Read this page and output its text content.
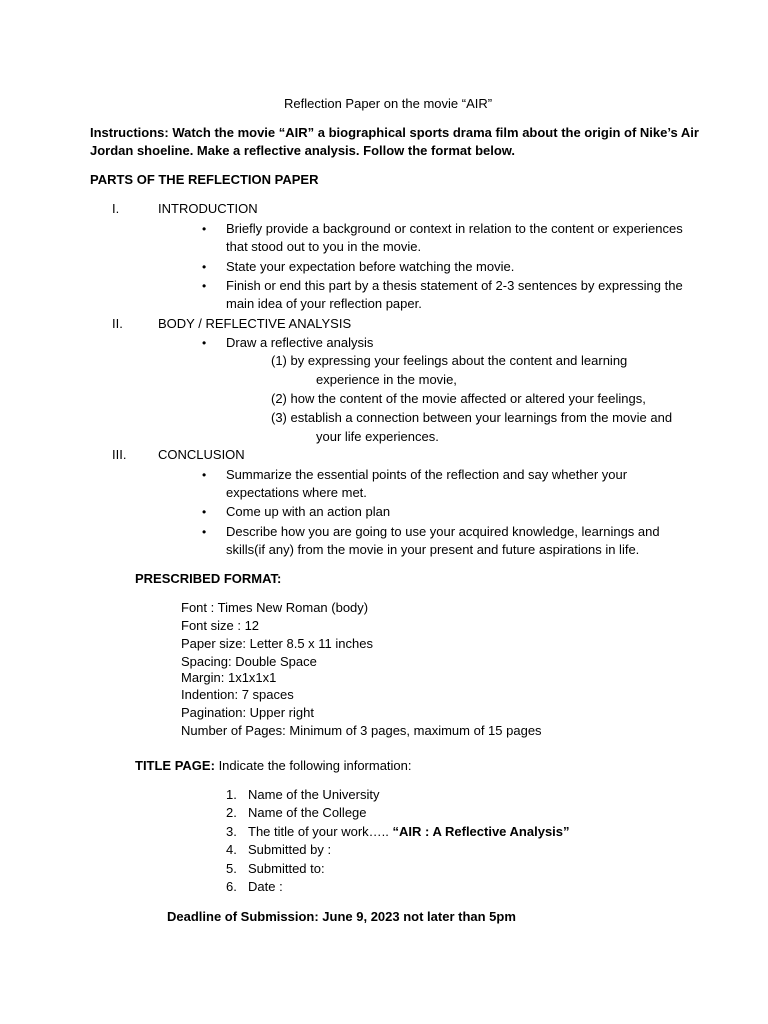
Reflection Paper on the movie “AIR”
Instructions: Watch the movie “AIR” a biographical sports drama film about the origin of Nike’s Air
Jordan shoeline. Make a reflective analysis. Follow the format below.
PARTS OF THE REFLECTION PAPER
I.	INTRODUCTION
•	Briefly provide a background or context in relation to the content or experiences
that stood out to you in the movie.
•	State your expectation before watching the movie.
•	Finish or end this part by a thesis statement of 2-3 sentences by expressing the
main idea of your reflection paper.
II.	BODY / REFLECTIVE ANALYSIS
•	Draw a reflective analysis
(1) by expressing your feelings about the content and learning
experience in the movie,
(2) how the content of the movie affected or altered your feelings,
(3) establish a connection between your learnings from the movie and
your life experiences.
III. CONCLUSION
•	Summarize the essential points of the reflection and say whether your
expectations where met.
•	Come up with an action plan
•	Describe how you are going to use your acquired knowledge, learnings and
skills(if any) from the movie in your present and future aspirations in life.
PRESCRIBED FORMAT:
Font : Times New Roman (body)
Font size : 12
Paper size: Letter 8.5 x 11 inches
Spacing: Double Space
Margin: 1x1x1x1
Indention: 7 spaces
Pagination: Upper right
Number of Pages: Minimum of 3 pages, maximum of 15 pages
TITLE PAGE: Indicate the following information:
1. Name of the University
2. Name of the College
3. The title of your work….. “AIR : A Reflective Analysis”
4. Submitted by :
5. Submitted to:
6. Date :
Deadline of Submission: June 9, 2023 not later than 5pm
